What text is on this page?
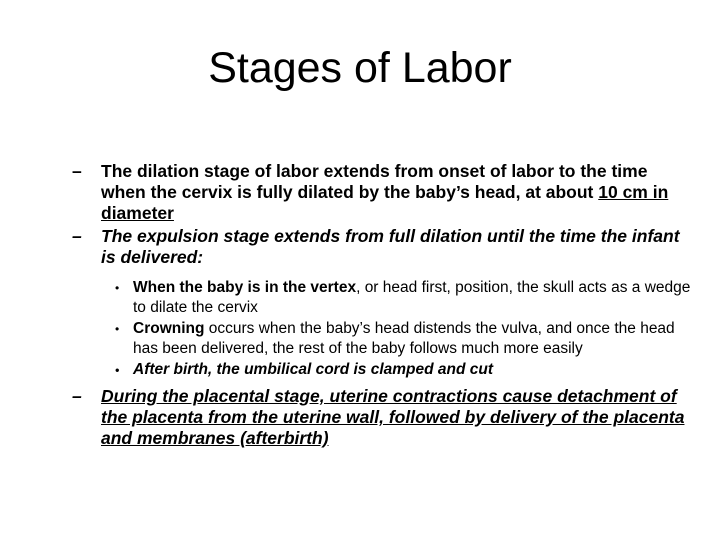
Stages of Labor
– The dilation stage of labor extends from onset of labor to the time when the cervix is fully dilated by the baby’s head, at about 10 cm in diameter
– The expulsion stage extends from full dilation until the time the infant is delivered:
• When the baby is in the vertex, or head first, position, the skull acts as a wedge to dilate the cervix
• Crowning occurs when the baby’s head distends the vulva, and once the head has been delivered, the rest of the baby follows much more easily
• After birth, the umbilical cord is clamped and cut
– During the placental stage, uterine contractions cause detachment of the placenta from the uterine wall, followed by delivery of the placenta and membranes (afterbirth)
